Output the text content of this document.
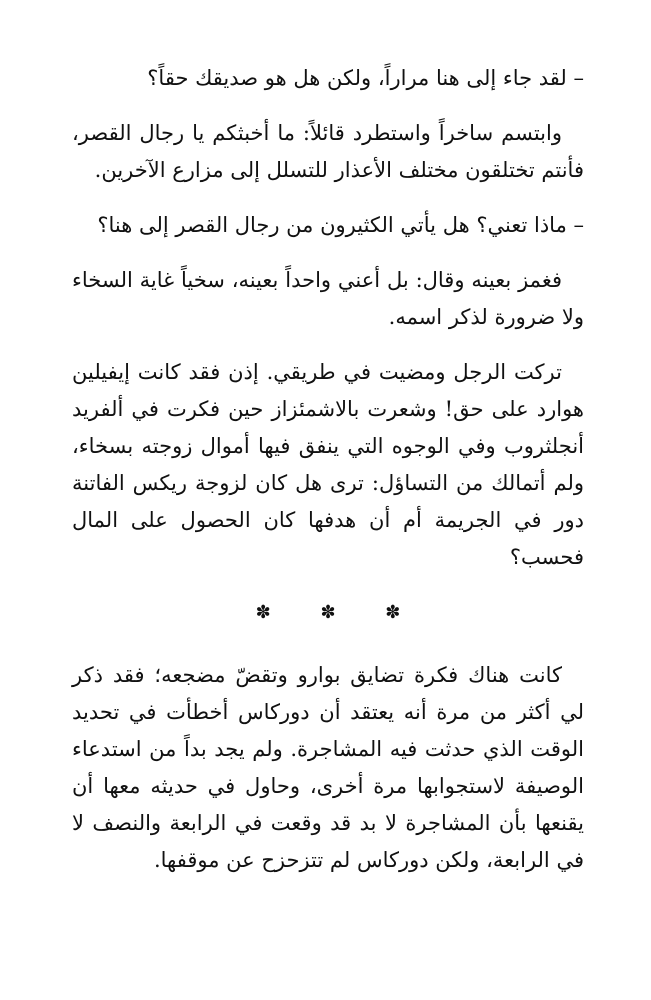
– لقد جاء إلى هنا مراراً، ولكن هل هو صديقك حقاً؟

وابتسم ساخراً واستطرد قائلاً: ما أخبثكم يا رجال القصر، فأنتم تختلقون مختلف الأعذار للتسلل إلى مزارع الآخرين.

– ماذا تعني؟ هل يأتي الكثيرون من رجال القصر إلى هنا؟

فغمز بعينه وقال: بل أعني واحداً بعينه، سخياً غاية السخاء ولا ضرورة لذكر اسمه.

تركت الرجل ومضيت في طريقي. إذن فقد كانت إيفيلين هوارد على حق! وشعرت بالاشمئزاز حين فكرت في ألفريد أنجلثروب وفي الوجوه التي ينفق فيها أموال زوجته بسخاء، ولم أتمالك من التساؤل: ترى هل كان لزوجة ريكس الفاتنة دور في الجريمة أم أن هدفها كان الحصول على المال فحسب؟

✽ ✽ ✽

كانت هناك فكرة تضايق بوارو وتقضّ مضجعه؛ فقد ذكر لي أكثر من مرة أنه يعتقد أن دوركاس أخطأت في تحديد الوقت الذي حدثت فيه المشاجرة. ولم يجد بداً من استدعاء الوصيفة لاستجوابها مرة أخرى، وحاول في حديثه معها أن يقنعها بأن المشاجرة لا بد قد وقعت في الرابعة والنصف لا في الرابعة، ولكن دوركاس لم تتزحزح عن موقفها.
